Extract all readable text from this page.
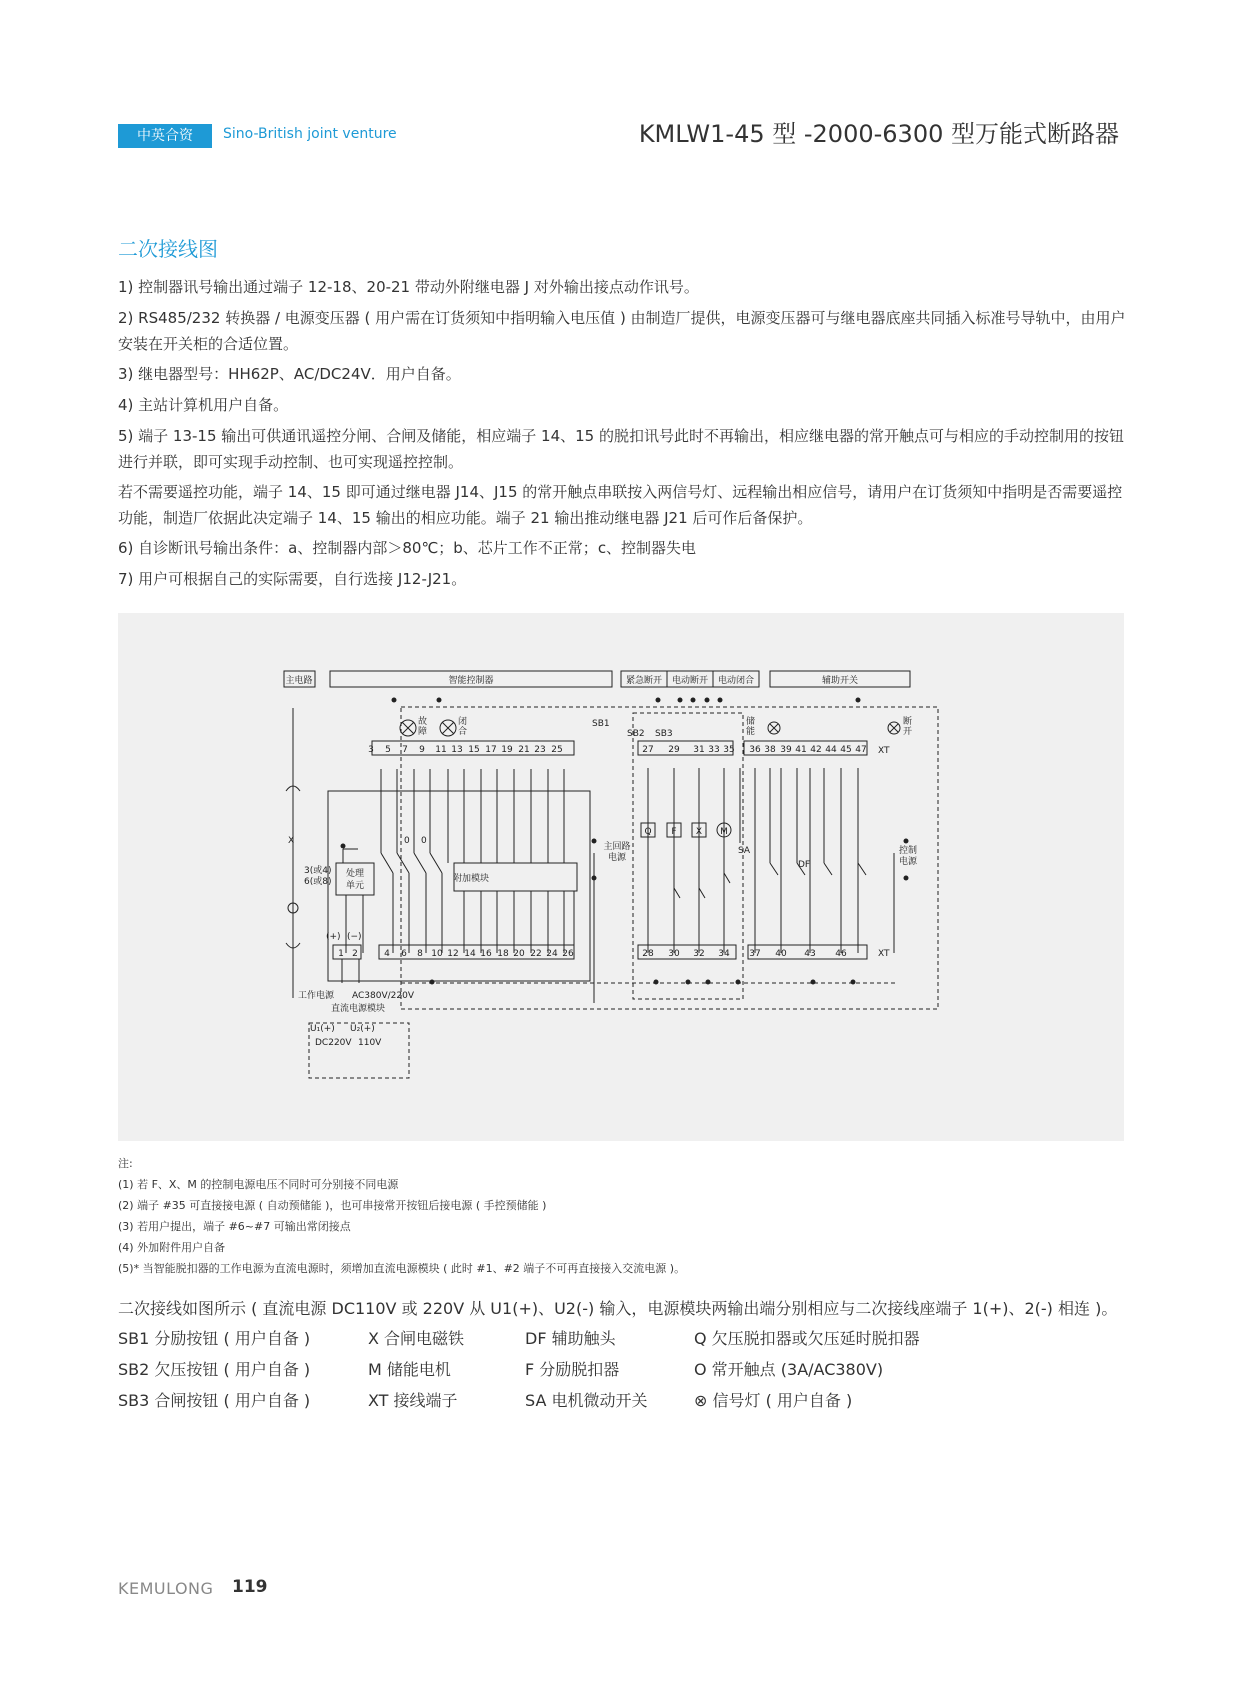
中英合资	Sino-British joint venture	KMLW1-45 型 -2000-6300 型万能式断路器
二次接线图
1) 控制器讯号输出通过端子 12-18、20-21 带动外附继电器 J 对外输出接点动作讯号。
2) RS485/232 转换器 / 电源变压器 ( 用户需在订货须知中指明输入电压值 ) 由制造厂提供，电源变压器可与继电器底座共同插入标准号导轨中，由用户　安装在开关柜的合适位置。
3) 继电器型号：HH62P、AC/DC24V．用户自备。
4) 主站计算机用户自备。
5) 端子 13-15 输出可供通讯遥控分闸、合闸及储能，相应端子 14、15 的脱扣讯号此时不再输出，相应继电器的常开触点可与相应的手动控制用的按钮进行并联，即可实现手动控制、也可实现遥控控制。
若不需要遥控功能，端子 14、15 即可通过继电器 J14、J15 的常开触点串联按入两信号灯、远程输出相应信号，请用户在订货须知中指明是否需要遥控功能，制造厂依据此决定端子 14、15 输出的相应功能。端子 21 输出推动继电器 J21 后可作后备保护。
6) 自诊断讯号输出条件：a、控制器内部＞80℃；b、芯片工作不正常；c、控制器失电
7) 用户可根据自己的实际需要，自行选接 J12-J21。
主电路	智能控制器	紧急断开 电动断开 电动闭合	辅助开关
故
障
闭
合
储
能
断
开
SB1
SB2 SB3
3 5 7 9 11 13 15 17 19 21 23 25	27 29 31 33 35 36 38 39 41 42 44 45 47
1 2	4 6 8 10 12 14 16 18 20 22 24 26	28 30 32 34 37 40 43 46
Q F X M
附加模块
处理
单元
主回路
电源
控制
电源
直流电源模块
XT
XT
SA
DF
0 0
3(或4)
6(或8)
X
(+) (−)
工作电源 AC380V/220V
U₁(+) U₂(+)
DC220V 110V
注:
(1) 若 F、X、M 的控制电源电压不同时可分别接不同电源
(2) 端子 #35 可直接接电源 ( 自动预储能 )，也可串接常开按钮后接电源 ( 手控预储能 )
(3) 若用户提出，端子 #6~#7 可输出常闭接点
(4) 外加附件用户自备
(5)* 当智能脱扣器的工作电源为直流电源时，须增加直流电源模块 ( 此时 #1、#2 端子不可再直接接入交流电源 )。
二次接线如图所示 ( 直流电源 DC110V 或 220V 从 U1(+)、U2(-) 输入，电源模块两输出端分别相应与二次接线座端子 1(+)、2(-) 相连 )。
SB1 分励按钮 ( 用户自备 )	X 合闸电磁铁	DF 辅助触头	Q 欠压脱扣器或欠压延时脱扣器
SB2 欠压按钮 ( 用户自备 )	M 储能电机	F 分励脱扣器	O 常开触点 (3A/AC380V)
SB3 合闸按钮 ( 用户自备 )	XT 接线端子	SA 电机微动开关	⊗ 信号灯 ( 用户自备 )
KEMULONG 119
